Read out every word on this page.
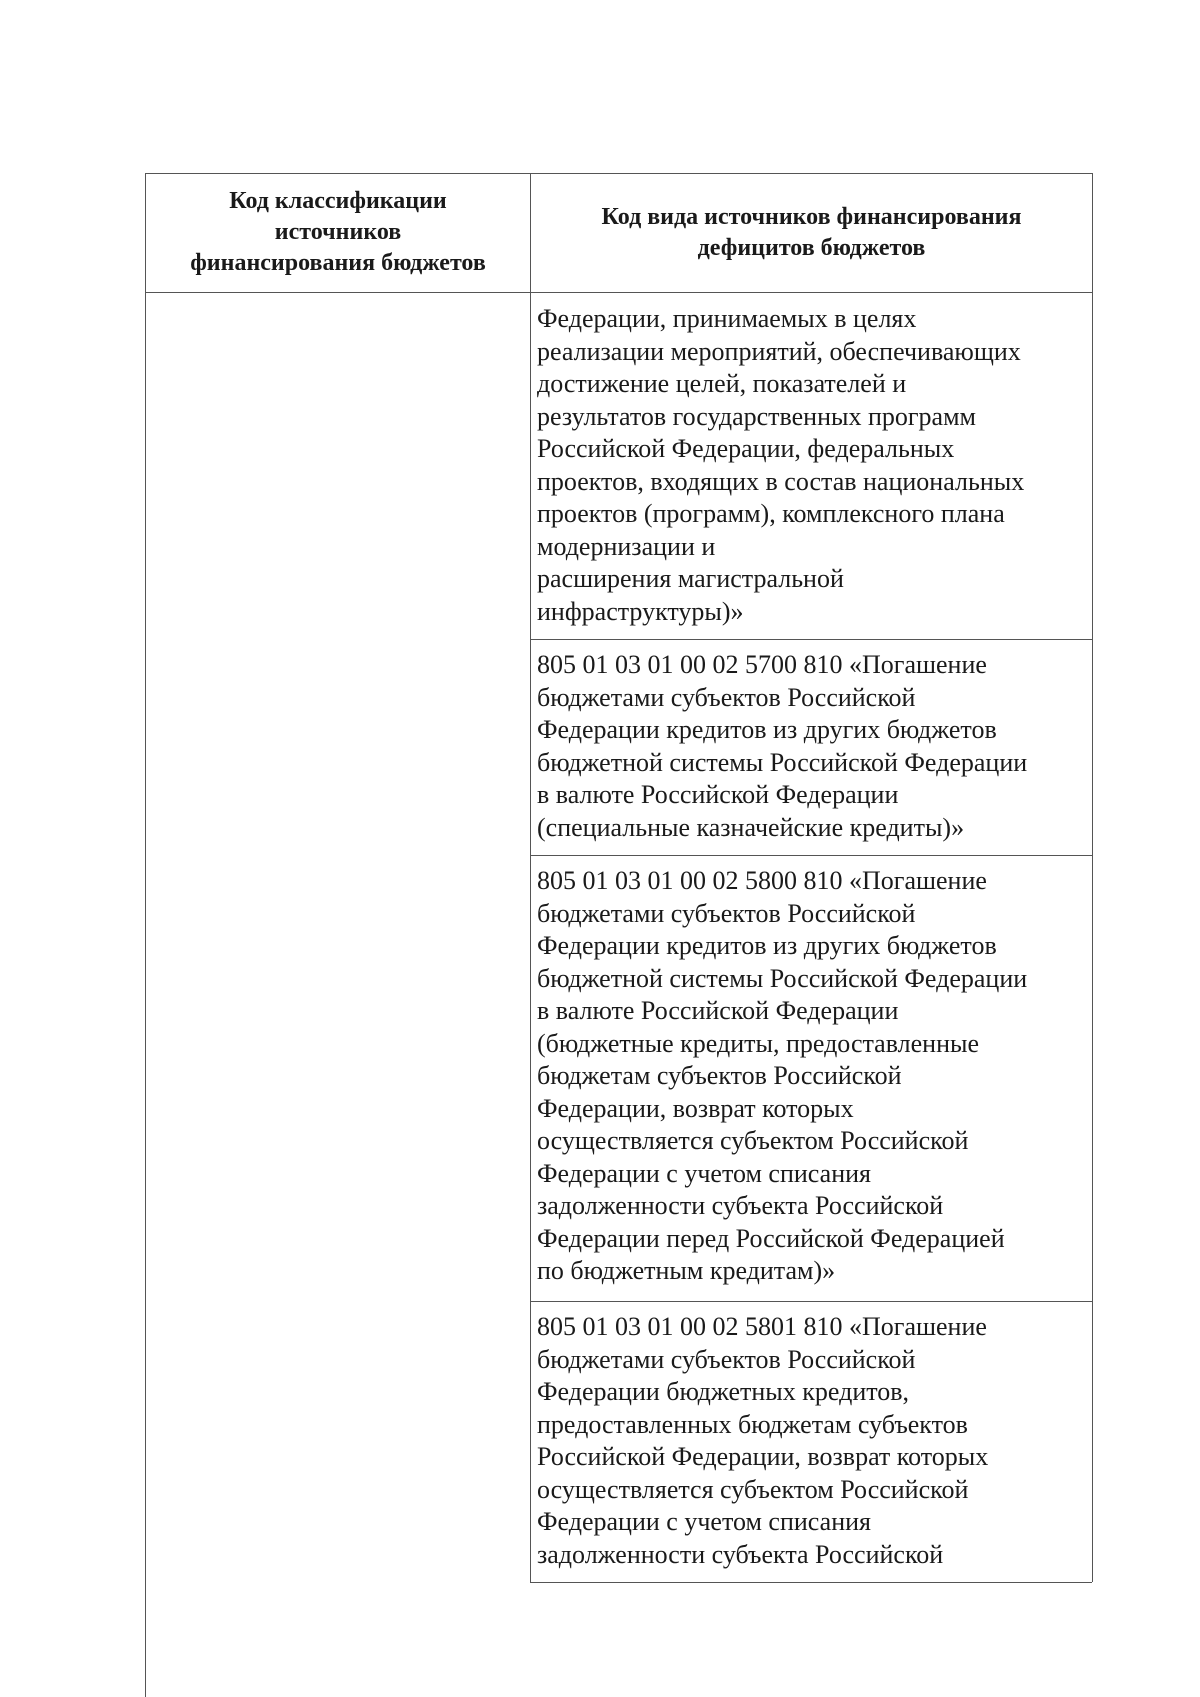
Код классификации
источников
финансирования бюджетов
Код вида источников финансирования
дефицитов бюджетов

Федерации, принимаемых в целях
реализации мероприятий, обеспечивающих
достижение целей, показателей и
результатов государственных программ
Российской Федерации, федеральных
проектов, входящих в состав национальных
проектов (программ), комплексного плана
модернизации и
расширения магистральной
инфраструктуры)»

805 01 03 01 00 02 5700 810 «Погашение
бюджетами субъектов Российской
Федерации кредитов из других бюджетов
бюджетной системы Российской Федерации
в валюте Российской Федерации
(специальные казначейские кредиты)»

805 01 03 01 00 02 5800 810 «Погашение
бюджетами субъектов Российской
Федерации кредитов из других бюджетов
бюджетной системы Российской Федерации
в валюте Российской Федерации
(бюджетные кредиты, предоставленные
бюджетам субъектов Российской
Федерации, возврат которых
осуществляется субъектом Российской
Федерации с учетом списания
задолженности субъекта Российской
Федерации перед Российской Федерацией
по бюджетным кредитам)»

805 01 03 01 00 02 5801 810 «Погашение
бюджетами субъектов Российской
Федерации бюджетных кредитов,
предоставленных бюджетам субъектов
Российской Федерации, возврат которых
осуществляется субъектом Российской
Федерации с учетом списания
задолженности субъекта Российской
